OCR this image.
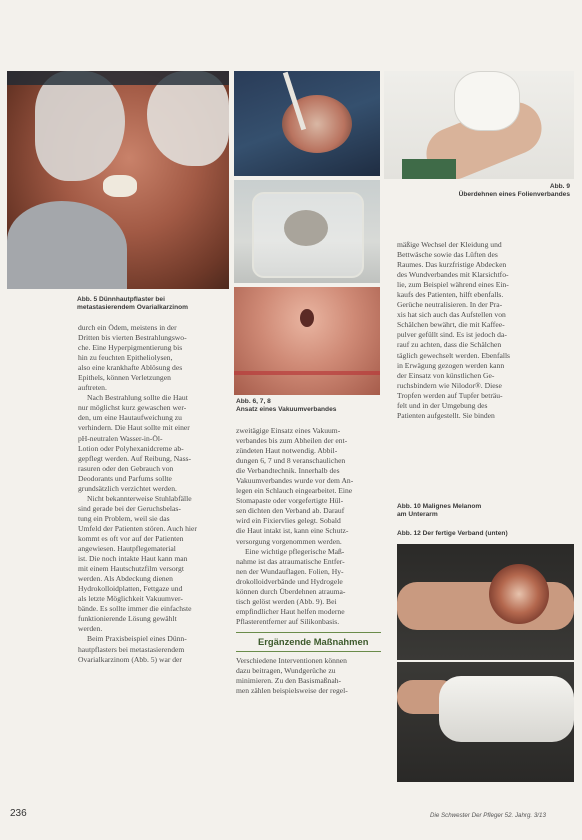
Abb. 5 Dünnhautpflaster bei
metastasierendem Ovarialkarzinom
Abb. 6, 7, 8
Ansatz eines Vakuumverbandes
Abb. 9
Überdehnen eines Folienverbandes
Abb. 10 Malignes Melanom
am Unterarm
Abb. 12 Der fertige Verband (unten)

durch ein Ödem, meistens in der

Dritten bis vierten Bestrahlungswo-

che. Eine Hyperpigmentierung bis

hin zu feuchten Epitheliolysen,

also eine krankhafte Ablösung des

Epithels, können Verletzungen

auftreten.

Nach Bestrahlung sollte die Haut

nur möglichst kurz gewaschen wer-

den, um eine Hautaufweichung zu

verhindern. Die Haut sollte mit einer

pH-neutralen Wasser-in-Öl-

Lotion oder Polyhexanidcreme ab-

gepflegt werden. Auf Reibung, Nass-

rasuren oder den Gebrauch von

Deodorants und Parfums sollte

grundsätzlich verzichtet werden.

Nicht bekannterweise Stuhlabfälle

sind gerade bei der Geruchsbelas-

tung ein Problem, weil sie das

Umfeld der Patienten stören. Auch hier

kommt es oft vor auf der Patienten

angewiesen. Hautpflegematerial

ist. Die noch intakte Haut kann man

mit einem Hautschutzfilm versorgt

werden. Als Abdeckung dienen

Hydrokolloidplatten, Fettgaze und

als letzte Möglichkeit Vakuumver-

bände. Es sollte immer die einfachste

funktionierende Lösung gewählt

werden.

Beim Praxisbeispiel eines Dünn-

hautpflasters bei metastasierendem

Ovarialkarzinom (Abb. 5) war der

zweitägige Einsatz eines Vakuum-

verbandes bis zum Abheilen der ent-

zündeten Haut notwendig. Abbil-

dungen 6, 7 und 8 veranschaulichen

die Verbandtechnik. Innerhalb des

Vakuumverbandes wurde vor dem An-

legen ein Schlauch eingearbeitet. Eine

Stomapaste oder vorgefertigte Hül-

sen dichten den Verband ab. Darauf

wird ein Fixiervlies gelegt. Sobald

die Haut intakt ist, kann eine Schutz-

versorgung vorgenommen werden.

Eine wichtige pflegerische Maß-

nahme ist das atraumatische Entfer-

nen der Wundauflagen. Folien, Hy-

drokolloidverbände und Hydrogele

können durch Überdehnen atrauma-

tisch gelöst werden (Abb. 9). Bei

empfindlicher Haut helfen moderne

Pflasterentferner auf Silikonbasis.

Ergänzende Maßnahmen

Verschiedene Interventionen können

dazu beitragen, Wundgerüche zu

minimieren. Zu den Basismaßnah-

men zählen beispielsweise der regel-

mäßige Wechsel der Kleidung und

Bettwäsche sowie das Lüften des

Raumes. Das kurzfristige Abdecken

des Wundverbandes mit Klarsichtfo-

lie, zum Beispiel während eines Ein-

kaufs des Patienten, hilft ebenfalls.

Gerüche neutralisieren. In der Pra-

xis hat sich auch das Aufstellen von

Schälchen bewährt, die mit Kaffee-

pulver gefüllt sind. Es ist jedoch da-

rauf zu achten, dass die Schälchen

täglich gewechselt werden. Ebenfalls

in Erwägung gezogen werden kann

der Einsatz von künstlichen Ge-

ruchsbindern wie Nilodor®. Diese

Tropfen werden auf Tupfer beträu-

felt und in der Umgebung des

Patienten aufgestellt. Sie binden

236	Die Schwester Der Pfleger 52. Jahrg. 3/13
